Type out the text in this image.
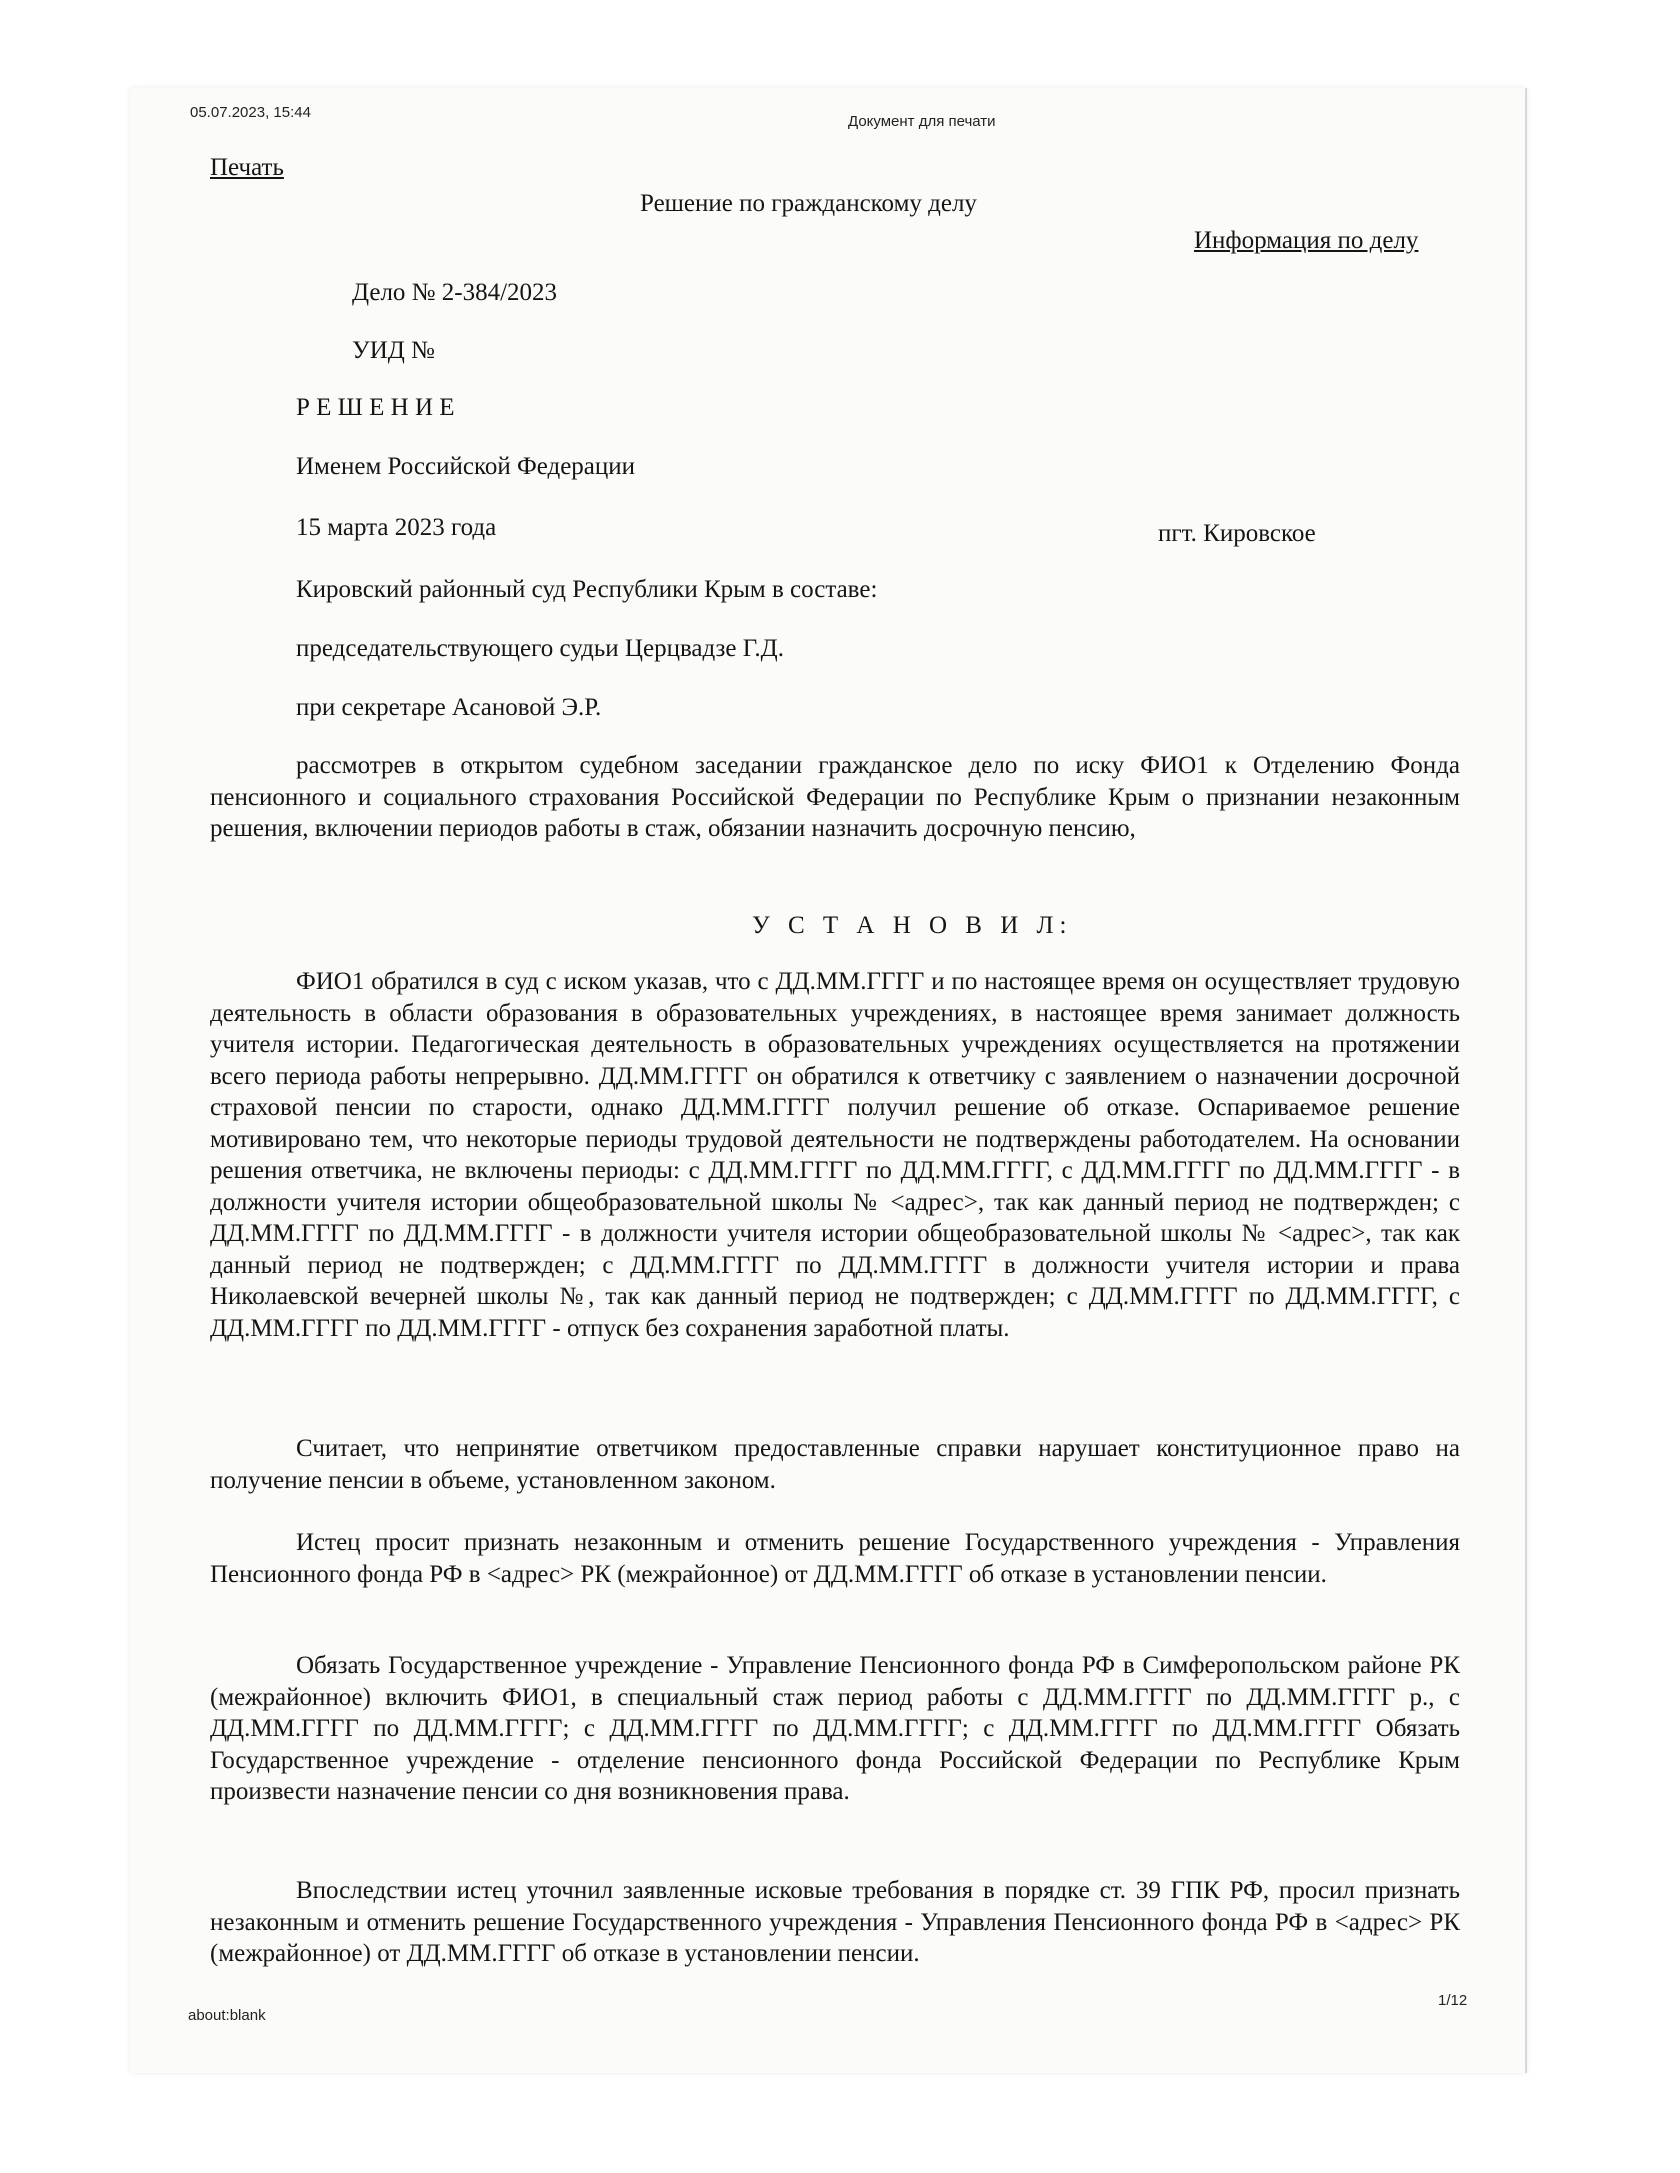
05.07.2023, 15:44
Документ для печати
Печать
Решение по гражданскому делу
Информация по делу
Дело № 2-384/2023
УИД №
Р Е Ш Е Н И Е
Именем Российской Федерации
15 марта 2023 года	пгт. Кировское
Кировский районный суд Республики Крым в составе:
председательствующего судьи Церцвадзе Г.Д.
при секретаре Асановой Э.Р.

рассмотрев в открытом судебном заседании гражданское дело по иску ФИО1 к Отделению Фонда пенсионного и социального страхования Российской Федерации по Республике Крым о признании незаконным решения, включении периодов работы в стаж, обязании назначить досрочную пенсию,

У С Т А Н О В И Л:

ФИО1 обратился в суд с иском указав, что с ДД.ММ.ГГГГ и по настоящее время он осуществляет трудовую деятельность в области образования в образовательных учреждениях, в настоящее время занимает должность учителя истории. Педагогическая деятельность в образовательных учреждениях осуществляется на протяжении всего периода работы непрерывно. ДД.ММ.ГГГГ он обратился к ответчику с заявлением о назначении досрочной страховой пенсии по старости, однако ДД.ММ.ГГГГ получил решение об отказе. Оспариваемое решение мотивировано тем, что некоторые периоды трудовой деятельности не подтверждены работодателем. На основании решения ответчика, не включены периоды: с ДД.ММ.ГГГГ по ДД.ММ.ГГГГ, с ДД.ММ.ГГГГ по ДД.ММ.ГГГГ - в должности учителя истории общеобразовательной школы № <адрес>, так как данный период не подтвержден; с ДД.ММ.ГГГГ по ДД.ММ.ГГГГ - в должности учителя истории общеобразовательной школы № <адрес>, так как данный период не подтвержден; с ДД.ММ.ГГГГ по ДД.ММ.ГГГГ в должности учителя истории и права Николаевской вечерней школы №, так как данный период не подтвержден; с ДД.ММ.ГГГГ по ДД.ММ.ГГГГ, с ДД.ММ.ГГГГ по ДД.ММ.ГГГГ - отпуск без сохранения заработной платы.

Считает, что непринятие ответчиком предоставленные справки нарушает конституционное право на получение пенсии в объеме, установленном законом.

Истец просит признать незаконным и отменить решение Государственного учреждения - Управления Пенсионного фонда РФ в <адрес> РК (межрайонное) от ДД.ММ.ГГГГ об отказе в установлении пенсии.

Обязать Государственное учреждение - Управление Пенсионного фонда РФ в Симферопольском районе РК (межрайонное) включить ФИО1, в специальный стаж период работы с ДД.ММ.ГГГГ по ДД.ММ.ГГГГ р., с ДД.ММ.ГГГГ по ДД.ММ.ГГГГ; с ДД.ММ.ГГГГ по ДД.ММ.ГГГГ; с ДД.ММ.ГГГГ по ДД.ММ.ГГГГ Обязать Государственное учреждение - отделение пенсионного фонда Российской Федерации по Республике Крым произвести назначение пенсии со дня возникновения права.

Впоследствии истец уточнил заявленные исковые требования в порядке ст. 39 ГПК РФ, просил признать незаконным и отменить решение Государственного учреждения - Управления Пенсионного фонда РФ в <адрес> РК (межрайонное) от ДД.ММ.ГГГГ об отказе в установлении пенсии.

1/12
about:blank
